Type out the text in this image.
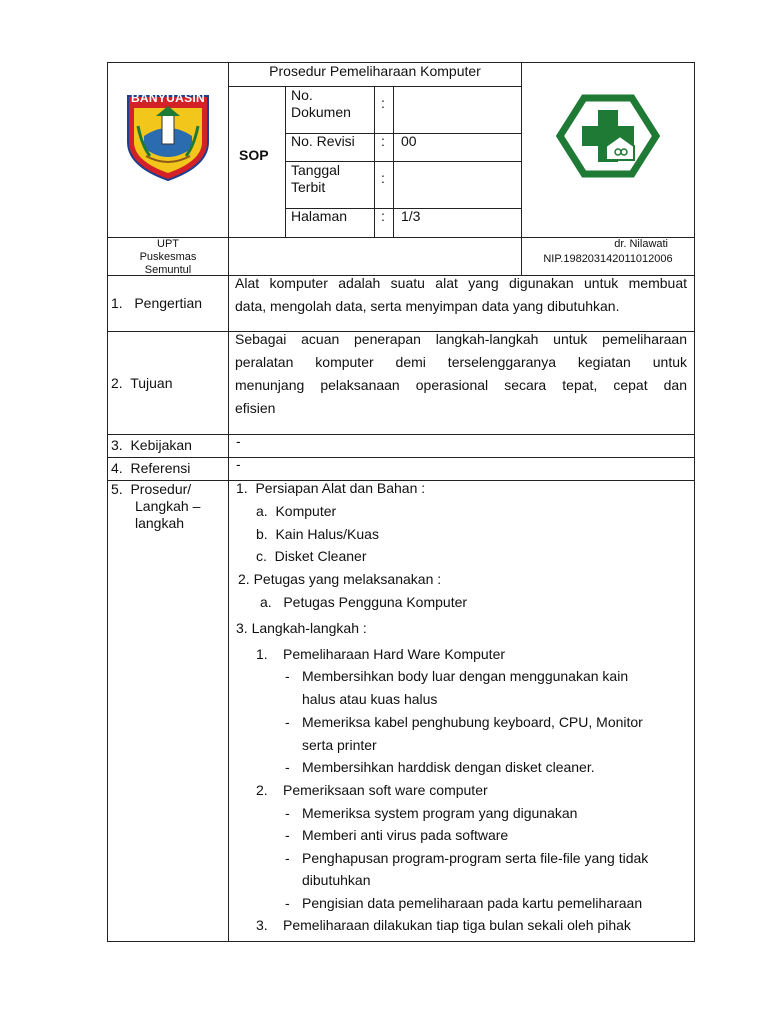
BANYUASIN
Prosedur Pemeliharaan Komputer
SOP
No.
Dokumen
:
No. Revisi : 00
Tanggal
Terbit
:
Halaman : 1/3
UPT
Puskesmas
Semuntul
dr. Nilawati
NIP.198203142011012006
1.   Pengertian
Alat komputer adalah suatu alat yang digunakan untuk membuat
data, mengolah data, serta menyimpan data yang dibutuhkan.
2.  Tujuan
Sebagai acuan penerapan langkah-langkah untuk pemeliharaan
peralatan komputer demi terselenggaranya kegiatan untuk
menunjang pelaksanaan operasional secara tepat, cepat dan
efisien
3.  Kebijakan	-
4.  Referensi	-
5.  Prosedur/
Langkah –
langkah
1.  Persiapan Alat dan Bahan :
a.  Komputer
b.  Kain Halus/Kuas
c.  Disket Cleaner
2. Petugas yang melaksanakan :
a.   Petugas Pengguna Komputer
3. Langkah-langkah :
1. Pemeliharaan Hard Ware Komputer
- Membersihkan body luar dengan menggunakan kain
halus atau kuas halus
- Memeriksa kabel penghubung keyboard, CPU, Monitor
serta printer
- Membersihkan harddisk dengan disket cleaner.
2. Pemeriksaan soft ware computer
- Memeriksa system program yang digunakan
- Memberi anti virus pada software
- Penghapusan program-program serta file-file yang tidak
dibutuhkan
- Pengisian data pemeliharaan pada kartu pemeliharaan
3. Pemeliharaan dilakukan tiap tiga bulan sekali oleh pihak
